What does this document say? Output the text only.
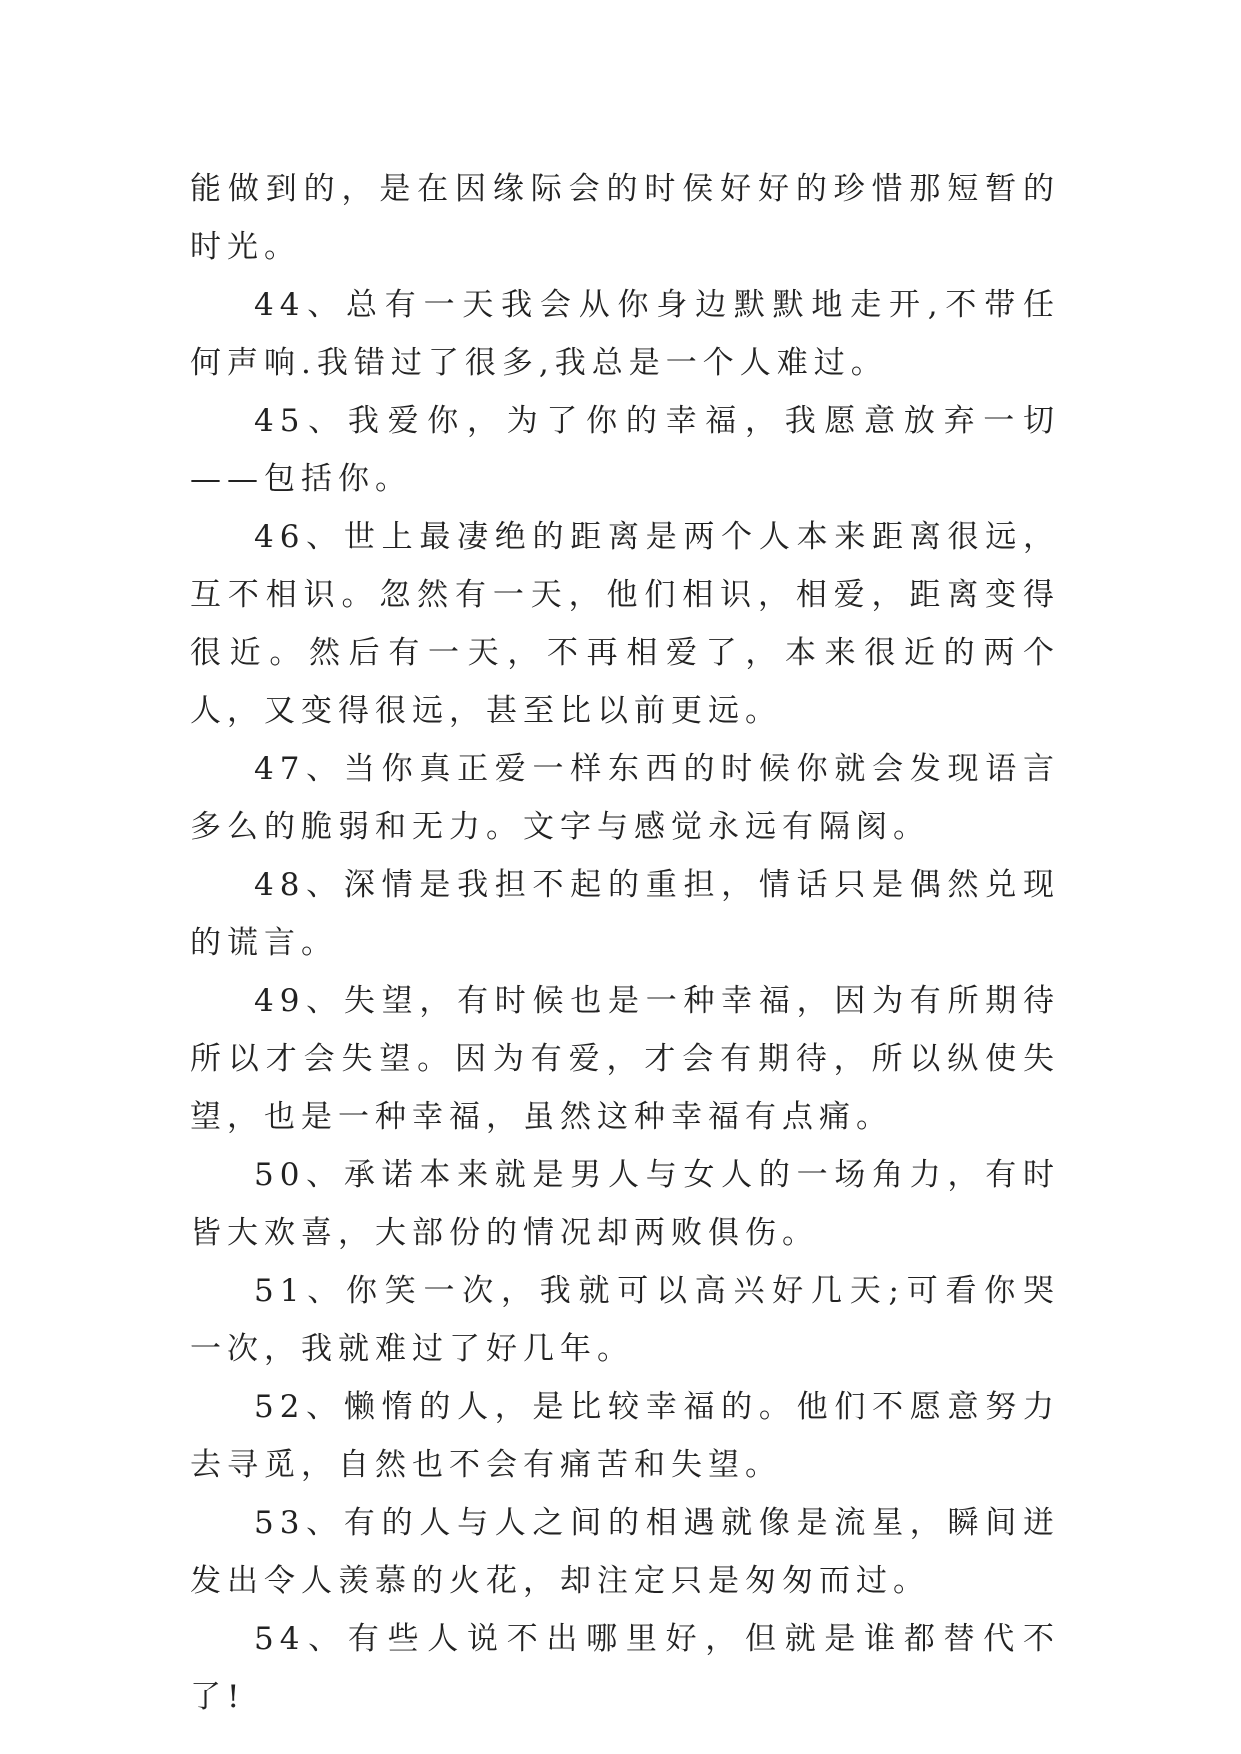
能做到的，是在因缘际会的时侯好好的珍惜那短暂的时光。

44、总有一天我会从你身边默默地走开,不带任何声响.我错过了很多,我总是一个人难过。

45、我爱你，为了你的幸福，我愿意放弃一切——包括你。

46、世上最凄绝的距离是两个人本来距离很远，互不相识。忽然有一天，他们相识，相爱，距离变得很近。然后有一天，不再相爱了，本来很近的两个人，又变得很远，甚至比以前更远。

47、当你真正爱一样东西的时候你就会发现语言多么的脆弱和无力。文字与感觉永远有隔阂。

48、深情是我担不起的重担，情话只是偶然兑现的谎言。

49、失望，有时候也是一种幸福，因为有所期待所以才会失望。因为有爱，才会有期待，所以纵使失望，也是一种幸福，虽然这种幸福有点痛。

50、承诺本来就是男人与女人的一场角力，有时皆大欢喜，大部份的情况却两败俱伤。

51、你笑一次，我就可以高兴好几天;可看你哭一次，我就难过了好几年。

52、懒惰的人，是比较幸福的。他们不愿意努力去寻觅，自然也不会有痛苦和失望。

53、有的人与人之间的相遇就像是流星，瞬间迸发出令人羡慕的火花，却注定只是匆匆而过。

54、有些人说不出哪里好，但就是谁都替代不了!
